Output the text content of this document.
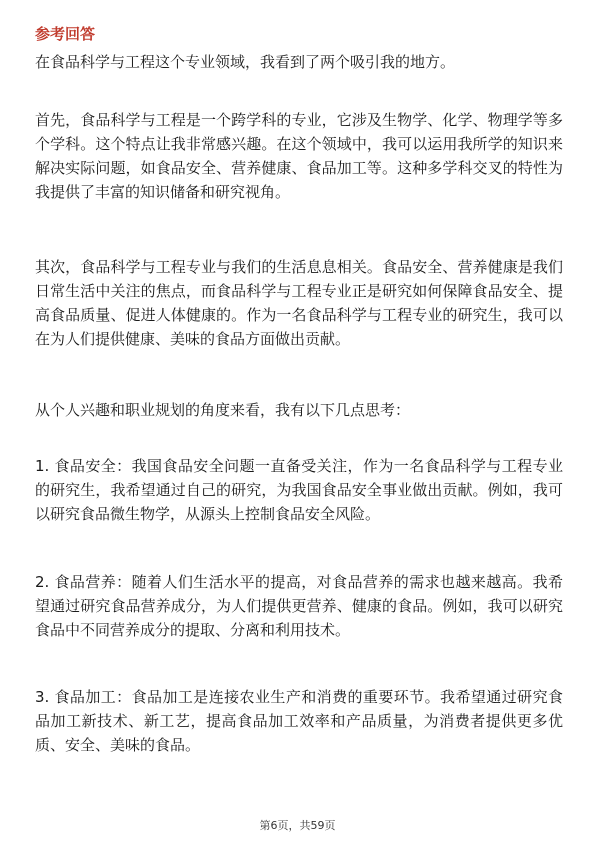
参考回答

在食品科学与工程这个专业领域，我看到了两个吸引我的地方。

首先，食品科学与工程是一个跨学科的专业，它涉及生物学、化学、物理学等多个学科。这个特点让我非常感兴趣。在这个领域中，我可以运用我所学的知识来解决实际问题，如食品安全、营养健康、食品加工等。这种多学科交叉的特性为我提供了丰富的知识储备和研究视角。

其次，食品科学与工程专业与我们的生活息息相关。食品安全、营养健康是我们日常生活中关注的焦点，而食品科学与工程专业正是研究如何保障食品安全、提高食品质量、促进人体健康的。作为一名食品科学与工程专业的研究生，我可以在为人们提供健康、美味的食品方面做出贡献。

从个人兴趣和职业规划的角度来看，我有以下几点思考：

1. 食品安全：我国食品安全问题一直备受关注，作为一名食品科学与工程专业的研究生，我希望通过自己的研究，为我国食品安全事业做出贡献。例如，我可以研究食品微生物学，从源头上控制食品安全风险。

2. 食品营养：随着人们生活水平的提高，对食品营养的需求也越来越高。我希望通过研究食品营养成分，为人们提供更营养、健康的食品。例如，我可以研究食品中不同营养成分的提取、分离和利用技术。

3. 食品加工：食品加工是连接农业生产和消费的重要环节。我希望通过研究食品加工新技术、新工艺，提高食品加工效率和产品质量，为消费者提供更多优质、安全、美味的食品。

第6页，共59页
